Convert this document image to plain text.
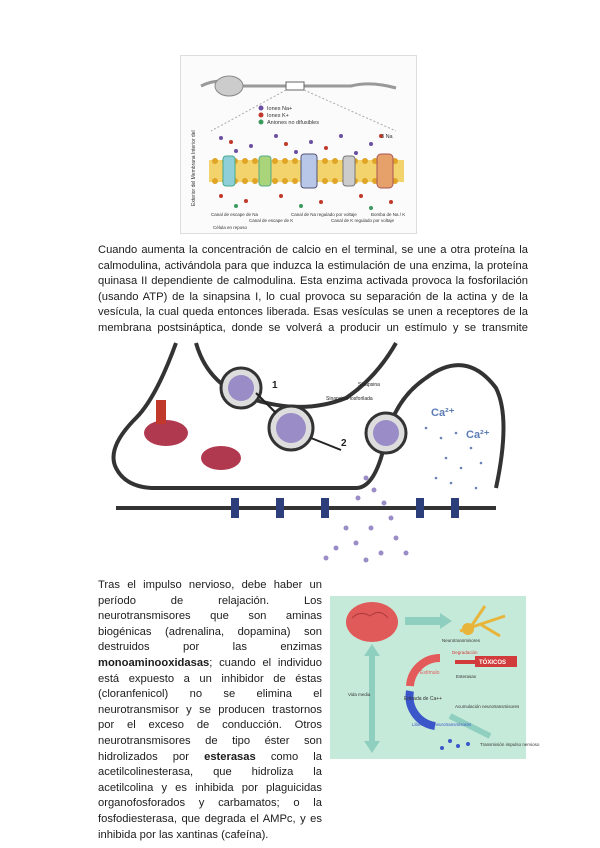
Iones Na+
Iones K+
Aniones no difusibles
Exterior del Membrana Interior del	3 Na
Canal de escape de Na
Canal de escape de K
Canal de Na regulado por voltaje
Canal de K regulado por voltaje
Bomba de Na / K
Célula en reposo
Cuando aumenta la concentración de calcio en el terminal, se une a otra proteína la calmodulina, activándola para que induzca la estimulación de una enzima, la proteína quinasa II dependiente de calmodulina. Esta enzima activada provoca la fosforilación (usando ATP) de la sinapsina I, lo cual provoca su separación de la actina y de la vesícula, la cual queda entonces liberada. Esas vesículas se unen a receptores de la membrana postsináptica, donde se volverá a producir un estímulo y se transmite
1
2
Sinapsina
Sinapsina-fosforilada
Ca²⁺
Ca²⁺
Tras el impulso nervioso, debe haber un período de relajación. Los neurotransmisores que son aminas biogénicas (adrenalina, dopamina) son destruidos por las enzimas monoaminooxidasas; cuando el individuo está expuesto a un inhibidor de éstas (cloranfenicol) no se elimina el neurotransmisor y se producen trastornos por el exceso de conducción. Otros neurotransmisores de tipo éster son hidrolizados por esterasas como la acetilcolinesterasa, que hidroliza la acetilcolina y es inhibida por plaguicidas organofosforados y carbamatos; o la fosfodiesterasa, que degrada el AMPc, y es inhibida por las xantinas (cafeína).
TÓXICOS
Estímulo
Entrada de Ca++
Liberación neurotransmisores
Vida media
Transmisión impulso nervioso
Degradación
Esterasas
Neurotransmisores
Acumulación neurotransmisores
